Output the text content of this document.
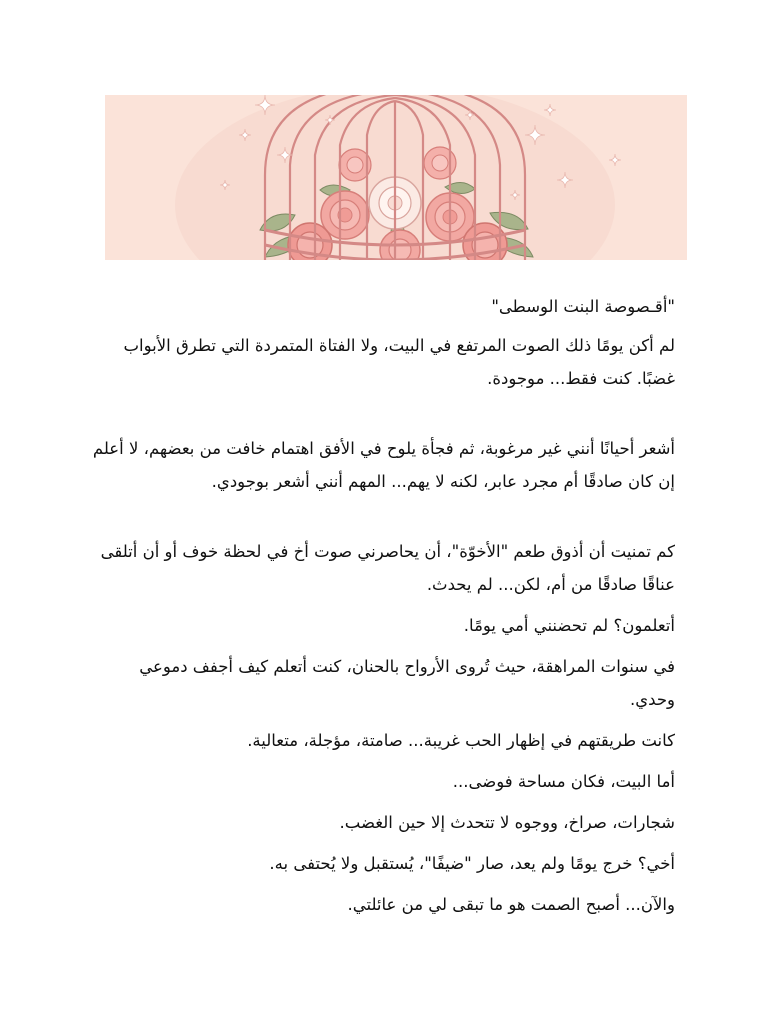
"أقـصوصة البنت الوسطى"

لم أكن يومًا ذلك الصوت المرتفع في البيت، ولا الفتاة المتمردة التي تطرق الأبواب غضبًا. كنت فقط... موجودة.

أشعر أحيانًا أنني غير مرغوبة، ثم فجأة يلوح في الأفق اهتمام خافت من بعضهم، لا أعلم إن كان صادقًا أم مجرد عابر، لكنه لا يهم... المهم أنني أشعر بوجودي.

كم تمنيت أن أذوق طعم "الأخوّة"، أن يحاصرني صوت أخ في لحظة خوف أو أن أتلقى عناقًا صادقًا من أم، لكن... لم يحدث.

أتعلمون؟ لم تحضنني أمي يومًا.

في سنوات المراهقة، حيث تُروى الأرواح بالحنان، كنت أتعلم كيف أجفف دموعي وحدي.

كانت طريقتهم في إظهار الحب غريبة... صامتة، مؤجلة، متعالية.

أما البيت، فكان مساحة فوضى...

شجارات، صراخ، ووجوه لا تتحدث إلا حين الغضب.

أخي؟ خرج يومًا ولم يعد، صار "ضيفًا"، يُستقبل ولا يُحتفى به.

والآن... أصبح الصمت هو ما تبقى لي من عائلتي.
